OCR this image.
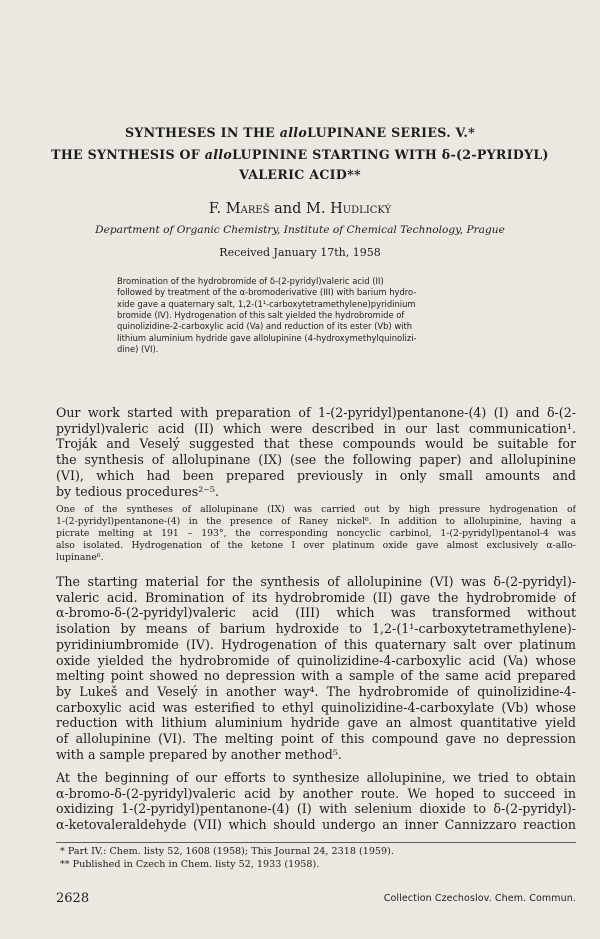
SYNTHESES IN THE alloLUPINANE SERIES. V.*
THE SYNTHESIS OF alloLUPININE STARTING WITH δ-(2-PYRIDYL)
VALERIC ACID**
F. Mareš and M. Hudlický
Department of Organic Chemistry, Institute of Chemical Technology, Prague
Received January 17th, 1958
Bromination of the hydrobromide of δ-(2-pyridyl)valeric acid (II)
followed by treatment of the α-bromoderivative (III) with barium hydro-
xide gave a quaternary salt, 1,2-(1¹-carboxytetramethylene)pyridinium
bromide (IV). Hydrogenation of this salt yielded the hydrobromide of
quinolizidine-2-carboxylic acid (Va) and reduction of its ester (Vb) with
lithium aluminium hydride gave allolupinine (4-hydroxymethylquinolizi-
dine) (VI).
Our work started with preparation of 1-(2-pyridyl)pentanone-(4) (I) and δ-(2-
pyridyl)valeric acid (II) which were described in our last communication¹.
Troják and Veselý suggested that these compounds would be suitable for
the synthesis of allolupinane (IX) (see the following paper) and allolupinine
(VI), which had been prepared previously in only small amounts and
by tedious procedures²⁻⁵.
One of the syntheses of allolupinane (IX) was carried out by high pressure hydrogenation of
1-(2-pyridyl)pentanone-(4) in the presence of Raney nickel⁶. In addition to allolupinine, having a
picrate melting at 191 – 193°, the corresponding noncyclic carbinol, 1-(2-pyridyl)pentanol-4 was
also isolated. Hydrogenation of the ketone I over platinum oxide gave almost exclusively α-allo-
lupinane⁶.
The starting material for the synthesis of allolupinine (VI) was δ-(2-pyridyl)-
valeric acid. Bromination of its hydrobromide (II) gave the hydrobromide of
α-bromo-δ-(2-pyridyl)valeric acid (III) which was transformed without
isolation by means of barium hydroxide to 1,2-(1¹-carboxytetramethylene)-
pyridiniumbromide (IV). Hydrogenation of this quaternary salt over platinum
oxide yielded the hydrobromide of quinolizidine-4-carboxylic acid (Va) whose
melting point showed no depression with a sample of the same acid prepared
by Lukeš and Veselý in another way⁴. The hydrobromide of quinolizidine-4-
carboxylic acid was esterified to ethyl quinolizidine-4-carboxylate (Vb) whose
reduction with lithium aluminium hydride gave an almost quantitative yield
of allolupinine (VI). The melting point of this compound gave no depression
with a sample prepared by another method⁵.
At the beginning of our efforts to synthesize allolupinine, we tried to obtain
α-bromo-δ-(2-pyridyl)valeric acid by another route. We hoped to succeed in
oxidizing 1-(2-pyridyl)pentanone-(4) (I) with selenium dioxide to δ-(2-pyridyl)-
α-ketovaleraldehyde (VII) which should undergo an inner Cannizzaro reaction
* Part IV.: Chem. listy 52, 1608 (1958); This Journal 24, 2318 (1959).
** Published in Czech in Chem. listy 52, 1933 (1958).
2628	Collection Czechoslov. Chem. Commun.
